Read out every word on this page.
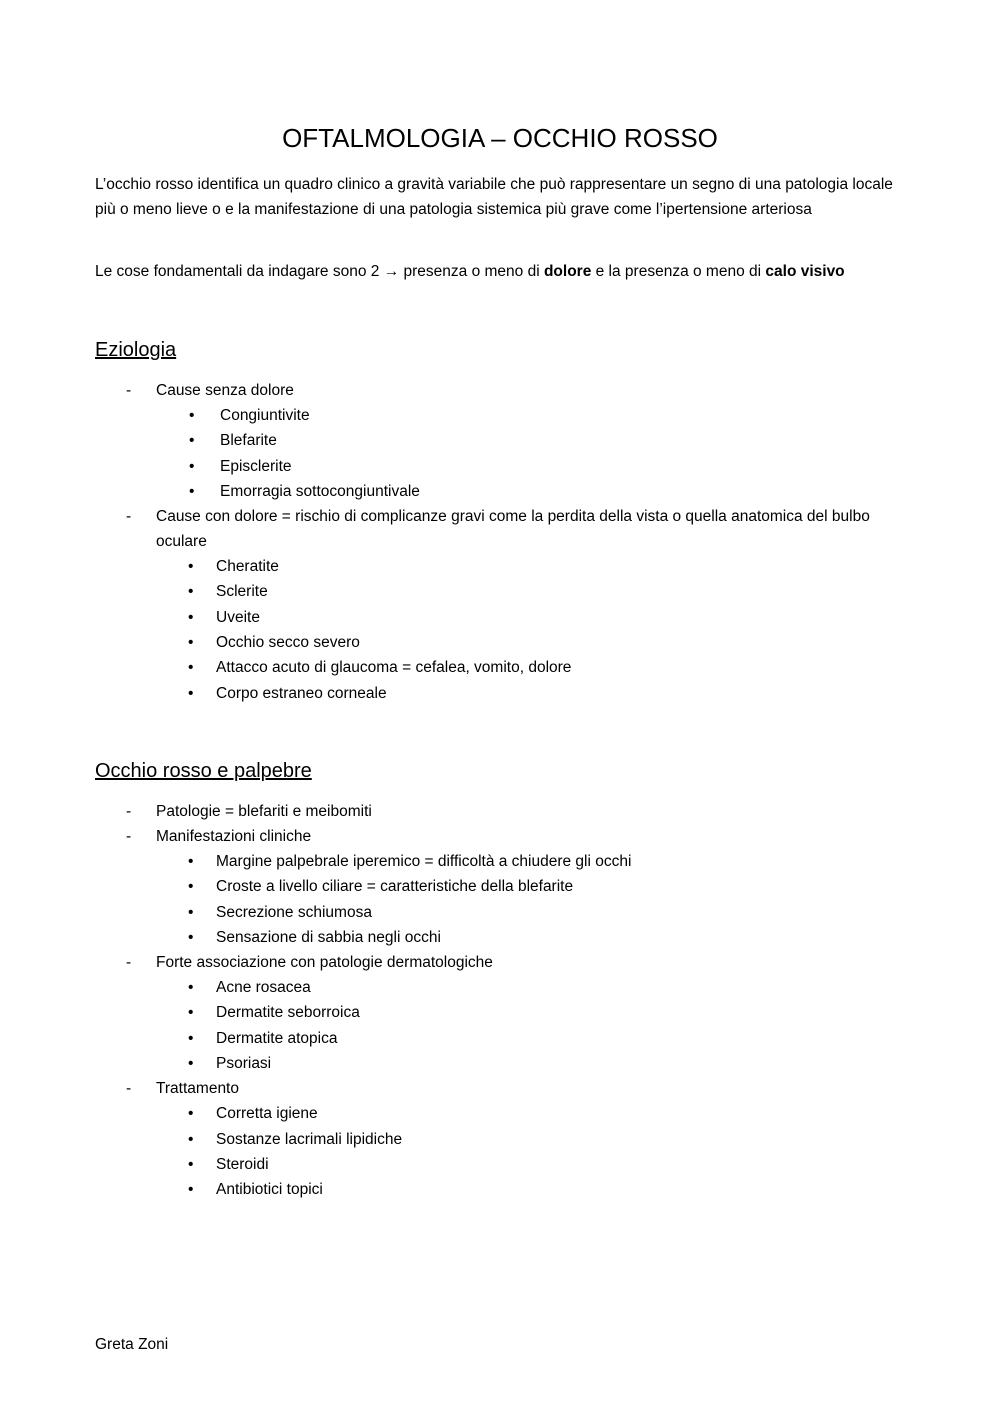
OFTALMOLOGIA – OCCHIO ROSSO

L’occhio rosso identifica un quadro clinico a gravità variabile che può rappresentare un segno di una patologia locale più o meno lieve o e la manifestazione di una patologia sistemica più grave come l’ipertensione arteriosa

Le cose fondamentali da indagare sono 2 → presenza o meno di dolore e la presenza o meno di calo visivo

Eziologia
- Cause senza dolore
• Congiuntivite
• Blefarite
• Episclerite
• Emorragia sottocongiuntivale
- Cause con dolore = rischio di complicanze gravi come la perdita della vista o quella anatomica del bulbo oculare
• Cheratite
• Sclerite
• Uveite
• Occhio secco severo
• Attacco acuto di glaucoma = cefalea, vomito, dolore
• Corpo estraneo corneale
Occhio rosso e palpebre
- Patologie = blefariti e meibomiti
- Manifestazioni cliniche
• Margine palpebrale iperemico = difficoltà a chiudere gli occhi
• Croste a livello ciliare = caratteristiche della blefarite
• Secrezione schiumosa
• Sensazione di sabbia negli occhi
- Forte associazione con patologie dermatologiche
• Acne rosacea
• Dermatite seborroica
• Dermatite atopica
• Psoriasi
- Trattamento
• Corretta igiene
• Sostanze lacrimali lipidiche
• Steroidi
• Antibiotici topici

Greta Zoni
